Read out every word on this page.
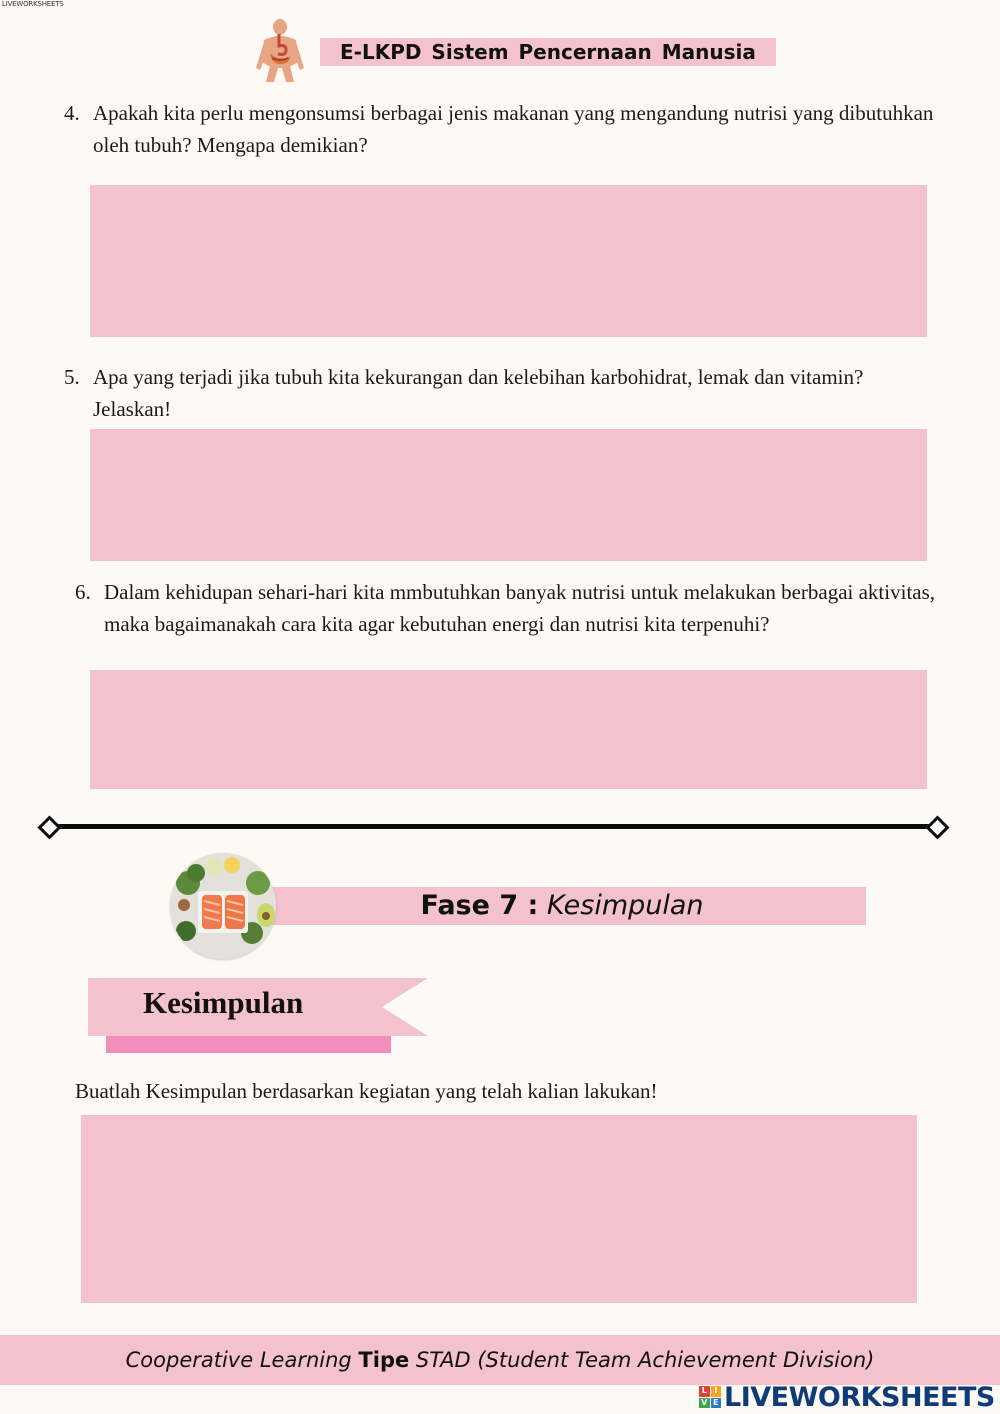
LIVEWORKSHEETS
E-LKPD Sistem Pencernaan Manusia
4. Apakah kita perlu mengonsumsi berbagai jenis makanan yang mengandung nutrisi yang dibutuhkan oleh tubuh? Mengapa demikian?
5. Apa yang terjadi jika tubuh kita kekurangan dan kelebihan karbohidrat, lemak dan vitamin? Jelaskan!
6. Dalam kehidupan sehari-hari kita mmbutuhkan banyak nutrisi untuk melakukan berbagai aktivitas, maka bagaimanakah cara kita agar kebutuhan energi dan nutrisi kita terpenuhi?
Fase 7 : Kesimpulan
Kesimpulan
Buatlah Kesimpulan berdasarkan kegiatan yang telah kalian lakukan!
Cooperative Learning Tipe STAD (Student Team Achievement Division)
L I
V E LIVEWORKSHEETS
